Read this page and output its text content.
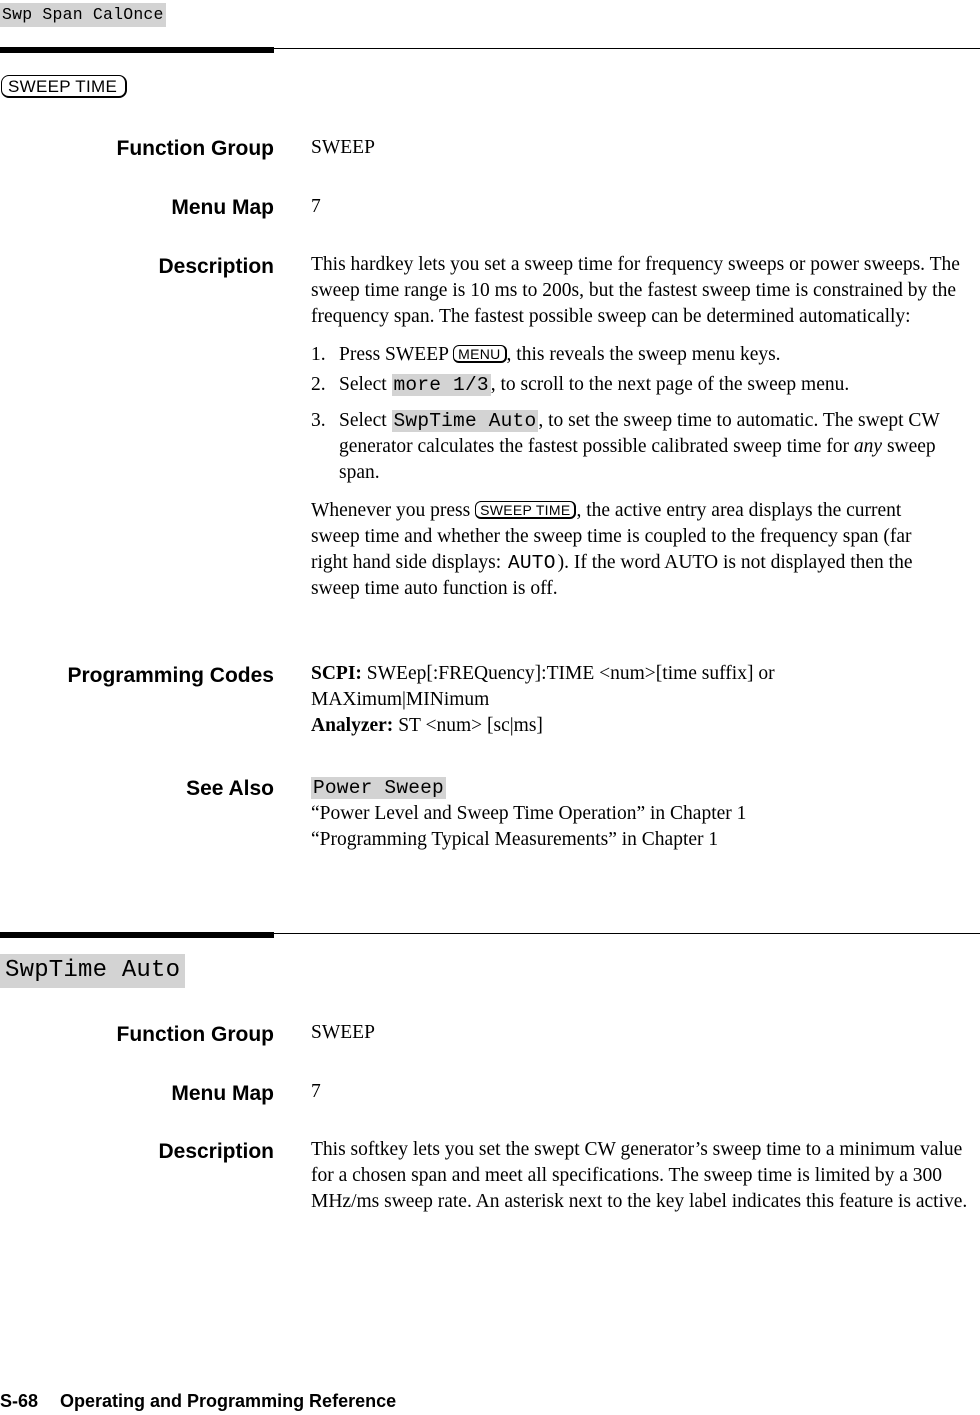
Swp Span CalOnce
SWEEP TIME
Function Group SWEEP
Menu Map 7
Description This hardkey lets you set a sweep time for frequency sweeps or power sweeps. The sweep time range is 10 ms to 200s, but the fastest sweep time is constrained by the frequency span. The fastest possible sweep can be determined automatically:

1. Press SWEEP MENU , this reveals the sweep menu keys.
2. Select more 1/3 , to scroll to the next page of the sweep menu.
3. Select SwpTime Auto , to set the sweep time to automatic. The swept CW generator calculates the fastest possible calibrated sweep time for any sweep span.

Whenever you press SWEEP TIME , the active entry area displays the current sweep time and whether the sweep time is coupled to the frequency span (far right hand side displays: AUTO ). If the word AUTO is not displayed then the sweep time auto function is off.

Programming Codes SCPI: SWEep[:FREQuency]:TIME <num>[time suffix] or MAXimum|MINimum

Analyzer: ST <num> [sc|ms]

See Also Power Sweep

“Power Level and Sweep Time Operation” in Chapter 1

“Programming Typical Measurements” in Chapter 1

SwpTime Auto
Function Group SWEEP
Menu Map 7
Description This softkey lets you set the swept CW generator’s sweep time to a minimum value for a chosen span and meet all specifications. The sweep time is limited by a 300 MHz/ms sweep rate. An asterisk next to the key label indicates this feature is active.

S-68 Operating and Programming Reference
